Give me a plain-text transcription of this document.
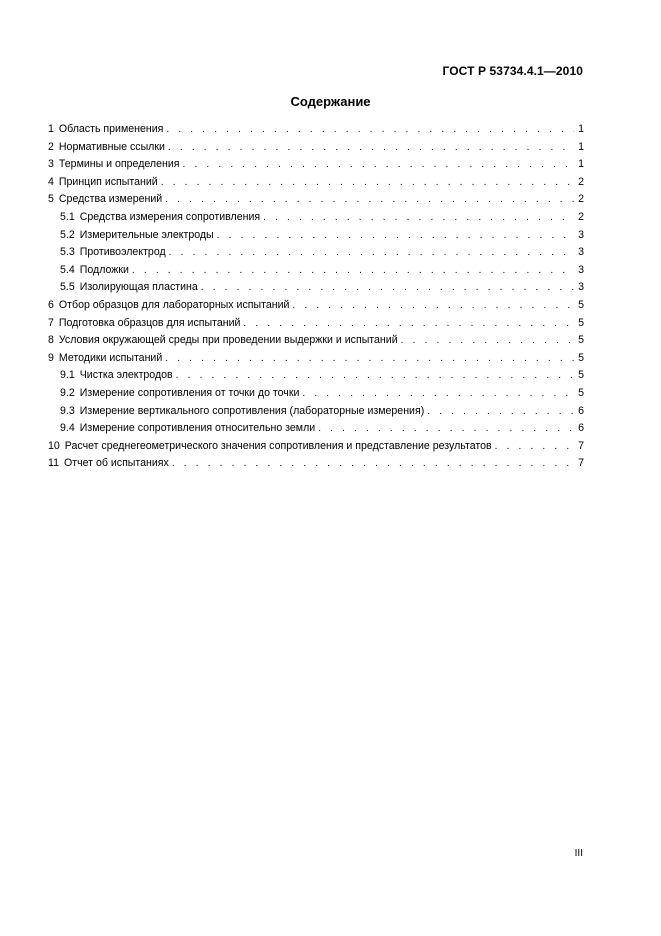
ГОСТ Р 53734.4.1—2010
Содержание
1 Область применения . . .	1
2 Нормативные ссылки . . .	1
3 Термины и определения . . .	1
4 Принцип испытаний . . .	2
5 Средства измерений . . .	2
5.1 Средства измерения сопротивления . . .	2
5.2 Измерительные электроды . . .	3
5.3 Противоэлектрод . . .	3
5.4 Подложки . . .	3
5.5 Изолирующая пластина . . .	3
6 Отбор образцов для лабораторных испытаний . . .	5
7 Подготовка образцов для испытаний . . .	5
8 Условия окружающей среды при проведении выдержки и испытаний . . .	5
9 Методики испытаний . . .	5
9.1 Чистка электродов . . .	5
9.2 Измерение сопротивления от точки до точки . . .	5
9.3 Измерение вертикального сопротивления (лабораторные измерения) . . .	6
9.4 Измерение сопротивления относительно земли . . .	6
10 Расчет среднегеометрического значения сопротивления и представление результатов . . .	7
11 Отчет об испытаниях . . .	7
III
